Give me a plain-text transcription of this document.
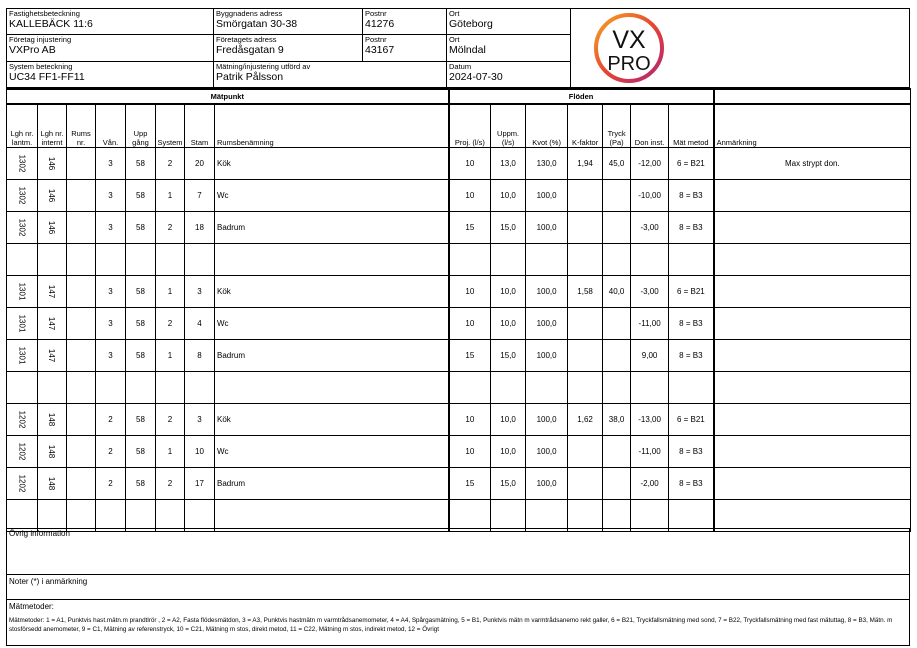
Fastighetsbeteckning
KALLEBÄCK 11:6
Byggnadens adress
Smörgatan 30-38
Postnr
41276
Ort
Göteborg
Företag injustering
VXPro AB
Företagets adress
Fredåsgatan 9
Postnr
43167
Ort
Mölndal
System beteckning
UC34 FF1-FF11
Mätning/injustering utförd av
Patrik Pålsson
Datum
2024-07-30
VX
PRO
Mätpunkt								Flöden							
Lgh nr. lantm.	Lgh nr. internt	Rums nr.	Vån.	Upp gång	System	Stam	Rumsbenämning	Proj. (l/s)	Uppm. (l/s)	Kvot (%)	K-faktor	Tryck (Pa)	Don inst.	Mät metod	Anmärkning
1302	146		3	58	2	20	Kök	10	13,0	130,0	1,94	45,0	-12,00	6 = B21	Max strypt don.
1302	146		3	58	1	7	Wc	10	10,0	100,0			-10,00	8 = B3	
1302	146		3	58	2	18	Badrum	15	15,0	100,0			-3,00	8 = B3	

1301	147		3	58	1	3	Kök	10	10,0	100,0	1,58	40,0	-3,00	6 = B21	
1301	147		3	58	2	4	Wc	10	10,0	100,0			-11,00	8 = B3	
1301	147		3	58	1	8	Badrum	15	15,0	100,0			9,00	8 = B3	

1202	148		2	58	2	3	Kök	10	10,0	100,0	1,62	38,0	-13,00	6 = B21	
1202	148		2	58	1	10	Wc	10	10,0	100,0			-11,00	8 = B3	
1202	148		2	58	2	17	Badrum	15	15,0	100,0			-2,00	8 = B3	

Övrig information
Noter (*) i anmärkning
Mätmetoder:
Mätmetoder: 1 = A1, Punktvis hast.mätn.m prandtlrör , 2 = A2, Fasta flödesmätdon, 3 = A3, Punktvis hastmätn m varmtrådsanemometer, 4 = A4, Spårgasmätning, 5 = B1, Punktvis mätn m varmtrådsanemo rekt galler, 6 = B21, Tryckfallsmätning med sond, 7 = B22, Tryckfallsmätning med fast mätuttag, 8 = B3, Mätn. m stosförsedd anemometer, 9 = C1, Mätning av referenstryck, 10 = C21, Mätning m stos, direkt metod, 11 = C22, Mätning m stos, indirekt metod, 12 = Övrigt
